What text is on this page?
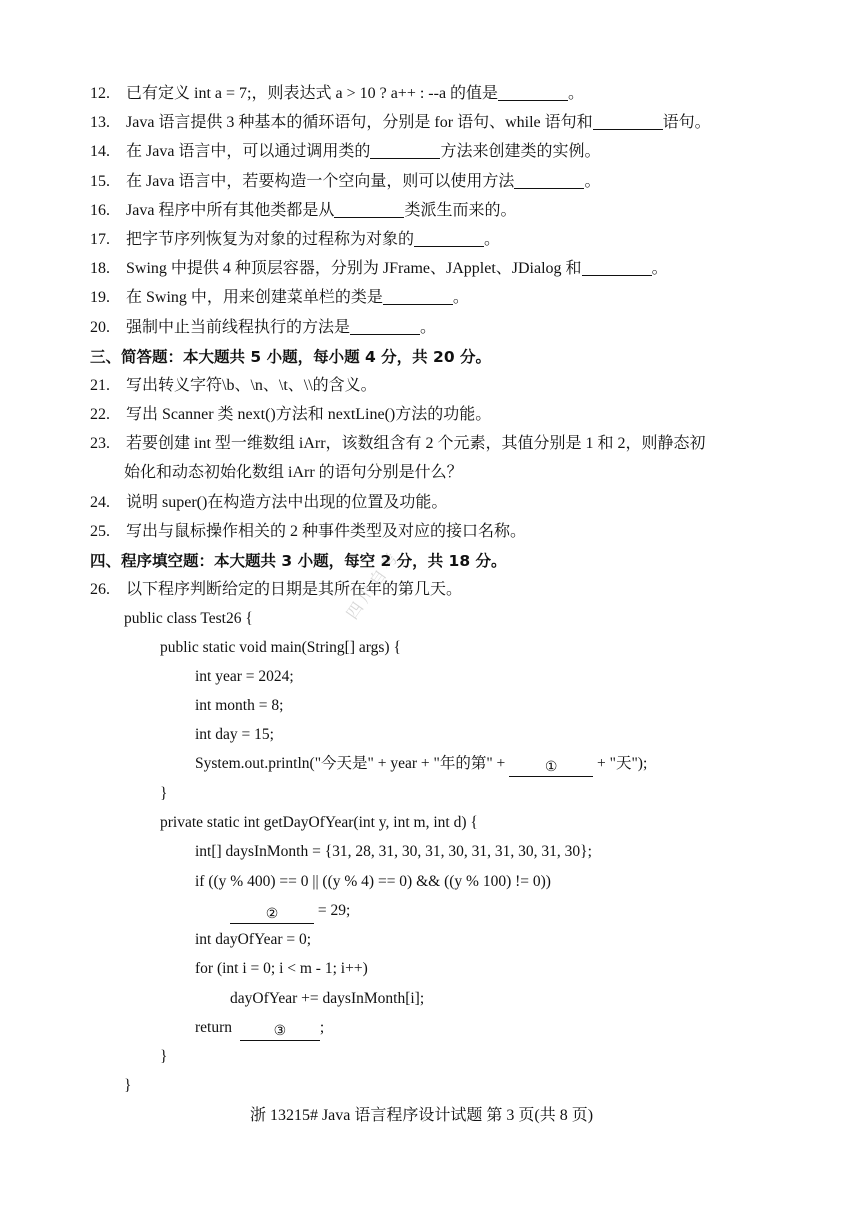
四川自考
12. 已有定义 int a = 7;，则表达式 a > 10 ? a++ : --a 的值是	。
13. Java 语言提供 3 种基本的循环语句，分别是 for 语句、while 语句和	语句。
14. 在 Java 语言中，可以通过调用类的	方法来创建类的实例。
15. 在 Java 语言中，若要构造一个空向量，则可以使用方法	。
16. Java 程序中所有其他类都是从	类派生而来的。
17. 把字节序列恢复为对象的过程称为对象的	。
18. Swing 中提供 4 种顶层容器，分别为 JFrame、JApplet、JDialog 和	。
19. 在 Swing 中，用来创建菜单栏的类是	。
20. 强制中止当前线程执行的方法是	。
三、简答题：本大题共 5 小题，每小题 4 分，共 20 分。
21. 写出转义字符\b、\n、\t、\\的含义。
22. 写出 Scanner 类 next()方法和 nextLine()方法的功能。
23. 若要创建 int 型一维数组 iArr，该数组含有 2 个元素，其值分别是 1 和 2，则静态初
始化和动态初始化数组 iArr 的语句分别是什么？
24. 说明 super()在构造方法中出现的位置及功能。
25. 写出与鼠标操作相关的 2 种事件类型及对应的接口名称。
四、程序填空题：本大题共 3 小题，每空 2 分，共 18 分。
26. 以下程序判断给定的日期是其所在年的第几天。
public class Test26 {
public static void main(String[] args) {
int year = 2024;
int month = 8;
int day = 15;
System.out.println("今天是" + year + "年的第" +	①	+ "天");
}
private static int getDayOfYear(int y, int m, int d) {
int[] daysInMonth = {31, 28, 31, 30, 31, 30, 31, 31, 30, 31, 30};
if ((y % 400) == 0 || ((y % 4) == 0) && ((y % 100) != 0))
②	= 29;
int dayOfYear = 0;
for (int i = 0; i < m - 1; i++)
dayOfYear += daysInMonth[i];
return	③ ;
}
}
浙 13215# Java 语言程序设计试题 第 3 页(共 8 页)
